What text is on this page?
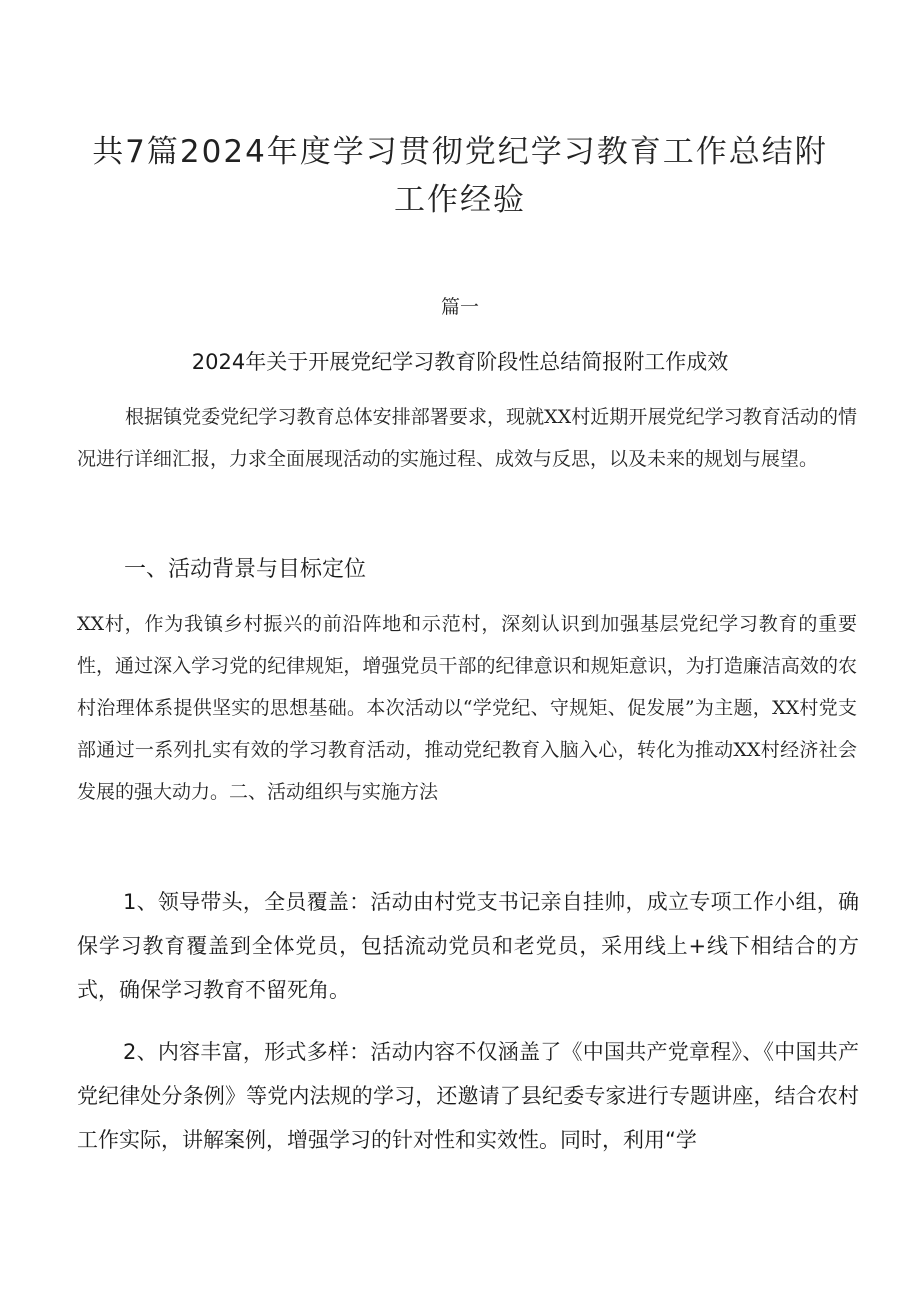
共7篇2024年度学习贯彻党纪学习教育工作总结附
工作经验
篇一
2024年关于开展党纪学习教育阶段性总结简报附工作成效

根据镇党委党纪学习教育总体安排部署要求，现就XX村近期开展党纪学习教育活动的情况进行详细汇报，力求全面展现活动的实施过程、成效与反思，以及未来的规划与展望。

一、活动背景与目标定位

XX村，作为我镇乡村振兴的前沿阵地和示范村，深刻认识到加强基层党纪学习教育的重要性，通过深入学习党的纪律规矩，增强党员干部的纪律意识和规矩意识，为打造廉洁高效的农村治理体系提供坚实的思想基础。本次活动以“学党纪、守规矩、促发展”为主题，XX村党支部通过一系列扎实有效的学习教育活动，推动党纪教育入脑入心，转化为推动XX村经济社会发展的强大动力。二、活动组织与实施方法

1、领导带头，全员覆盖：活动由村党支书记亲自挂帅，成立专项工作小组，确保学习教育覆盖到全体党员，包括流动党员和老党员，采用线上+线下相结合的方式，确保学习教育不留死角。

2、内容丰富，形式多样：活动内容不仅涵盖了《中国共产党章程》、《中国共产党纪律处分条例》等党内法规的学习，还邀请了县纪委专家进行专题讲座，结合农村工作实际，讲解案例，增强学习的针对性和实效性。同时，利用“学
